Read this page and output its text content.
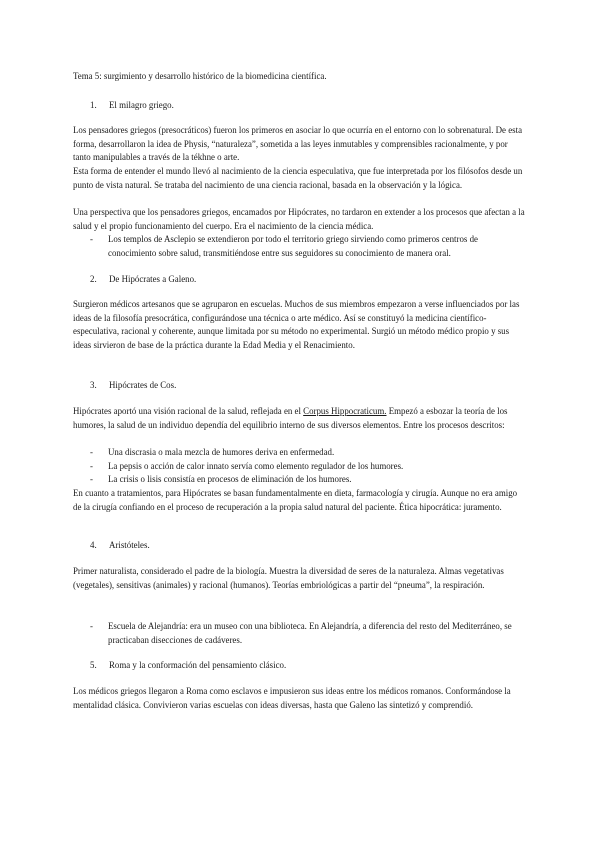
Tema 5: surgimiento y desarrollo histórico de la biomedicina científica.
1. El milagro griego.
Los pensadores griegos (presocráticos) fueron los primeros en asociar lo que ocurría en el entorno con lo sobrenatural. De esta forma, desarrollaron la idea de Physis, “naturaleza”, sometida a las leyes inmutables y comprensibles racionalmente, y por tanto manipulables a través de la tékhne o arte.
Esta forma de entender el mundo llevó al nacimiento de la ciencia especulativa, que fue interpretada por los filósofos desde un punto de vista natural. Se trataba del nacimiento de una ciencia racional, basada en la observación y la lógica.
Una perspectiva que los pensadores griegos, encamados por Hipócrates, no tardaron en extender a los procesos que afectan a la salud y el propio funcionamiento del cuerpo. Era el nacimiento de la ciencia médica.
- Los templos de Asclepio se extendieron por todo el territorio griego sirviendo como primeros centros de conocimiento sobre salud, transmitiéndose entre sus seguidores su conocimiento de manera oral.
2. De Hipócrates a Galeno.
Surgieron médicos artesanos que se agruparon en escuelas. Muchos de sus miembros empezaron a verse influenciados por las ideas de la filosofía presocrática, configurándose una técnica o arte médico. Así se constituyó la medicina científico-especulativa, racional y coherente, aunque limitada por su método no experimental. Surgió un método médico propio y sus ideas sirvieron de base de la práctica durante la Edad Media y el Renacimiento.
3. Hipócrates de Cos.
Hipócrates aportó una visión racional de la salud, reflejada en el Corpus Hippocraticum. Empezó a esbozar la teoría de los humores, la salud de un individuo dependía del equilibrio interno de sus diversos elementos. Entre los procesos descritos:
- Una discrasia o mala mezcla de humores deriva en enfermedad.
- La pepsis o acción de calor innato servía como elemento regulador de los humores.
- La crisis o lisis consistía en procesos de eliminación de los humores.
En cuanto a tratamientos, para Hipócrates se basan fundamentalmente en dieta, farmacología y cirugía. Aunque no era amigo de la cirugía confiando en el proceso de recuperación a la propia salud natural del paciente. Ética hipocrática: juramento.
4. Aristóteles.
Primer naturalista, considerado el padre de la biología. Muestra la diversidad de seres de la naturaleza. Almas vegetativas (vegetales), sensitivas (animales) y racional (humanos). Teorías embriológicas a partir del “pneuma”, la respiración.
- Escuela de Alejandría: era un museo con una biblioteca. En Alejandría, a diferencia del resto del Mediterráneo, se practicaban disecciones de cadáveres.
5. Roma y la conformación del pensamiento clásico.
Los médicos griegos llegaron a Roma como esclavos e impusieron sus ideas entre los médicos romanos. Conformándose la mentalidad clásica. Convivieron varias escuelas con ideas diversas, hasta que Galeno las sintetizó y comprendió.
